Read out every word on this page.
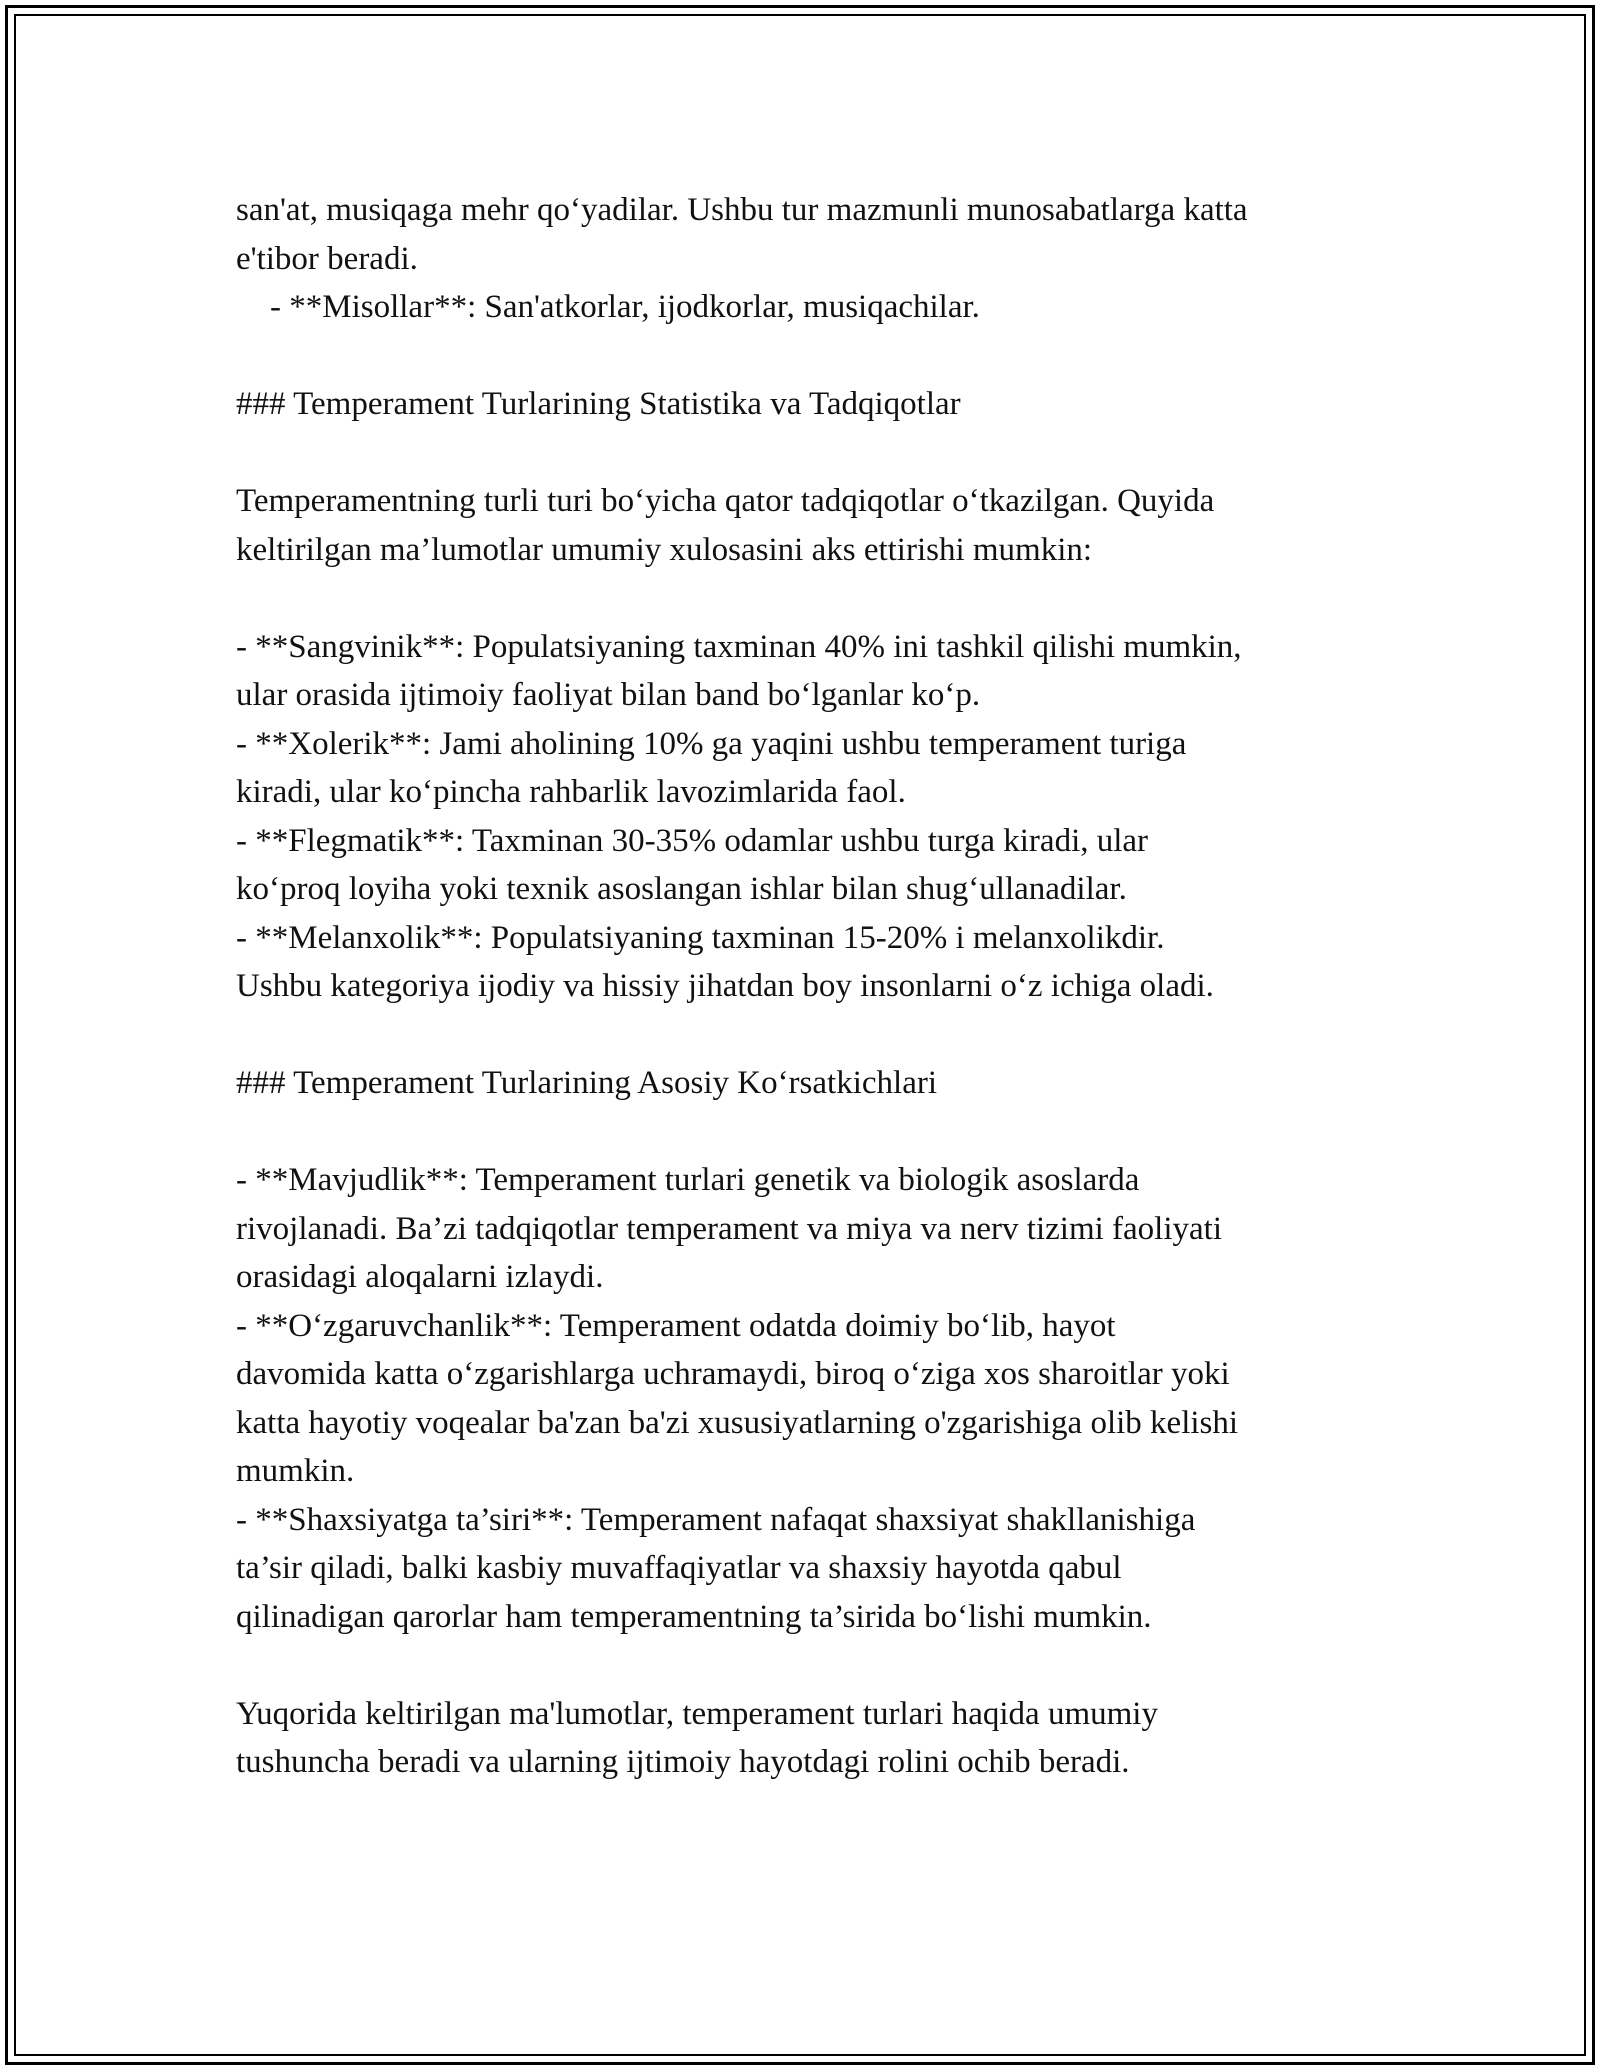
san'at, musiqaga mehr qo‘yadilar. Ushbu tur mazmunli munosabatlarga katta
e'tibor beradi.
- **Misollar**: San'atkorlar, ijodkorlar, musiqachilar.
### Temperament Turlarining Statistika va Tadqiqotlar
Temperamentning turli turi bo‘yicha qator tadqiqotlar o‘tkazilgan. Quyida
keltirilgan ma’lumotlar umumiy xulosasini aks ettirishi mumkin:
- **Sangvinik**: Populatsiyaning taxminan 40% ini tashkil qilishi mumkin,
ular orasida ijtimoiy faoliyat bilan band bo‘lganlar ko‘p.
- **Xolerik**: Jami aholining 10% ga yaqini ushbu temperament turiga
kiradi, ular ko‘pincha rahbarlik lavozimlarida faol.
- **Flegmatik**: Taxminan 30-35% odamlar ushbu turga kiradi, ular
ko‘proq loyiha yoki texnik asoslangan ishlar bilan shug‘ullanadilar.
- **Melanxolik**: Populatsiyaning taxminan 15-20% i melanxolikdir.
Ushbu kategoriya ijodiy va hissiy jihatdan boy insonlarni o‘z ichiga oladi.
### Temperament Turlarining Asosiy Ko‘rsatkichlari
- **Mavjudlik**: Temperament turlari genetik va biologik asoslarda
rivojlanadi. Ba’zi tadqiqotlar temperament va miya va nerv tizimi faoliyati
orasidagi aloqalarni izlaydi.
- **O‘zgaruvchanlik**: Temperament odatda doimiy bo‘lib, hayot
davomida katta o‘zgarishlarga uchramaydi, biroq o‘ziga xos sharoitlar yoki
katta hayotiy voqealar ba'zan ba'zi xususiyatlarning o'zgarishiga olib kelishi
mumkin.
- **Shaxsiyatga ta’siri**: Temperament nafaqat shaxsiyat shakllanishiga
ta’sir qiladi, balki kasbiy muvaffaqiyatlar va shaxsiy hayotda qabul
qilinadigan qarorlar ham temperamentning ta’sirida bo‘lishi mumkin.
Yuqorida keltirilgan ma'lumotlar, temperament turlari haqida umumiy
tushuncha beradi va ularning ijtimoiy hayotdagi rolini ochib beradi.
